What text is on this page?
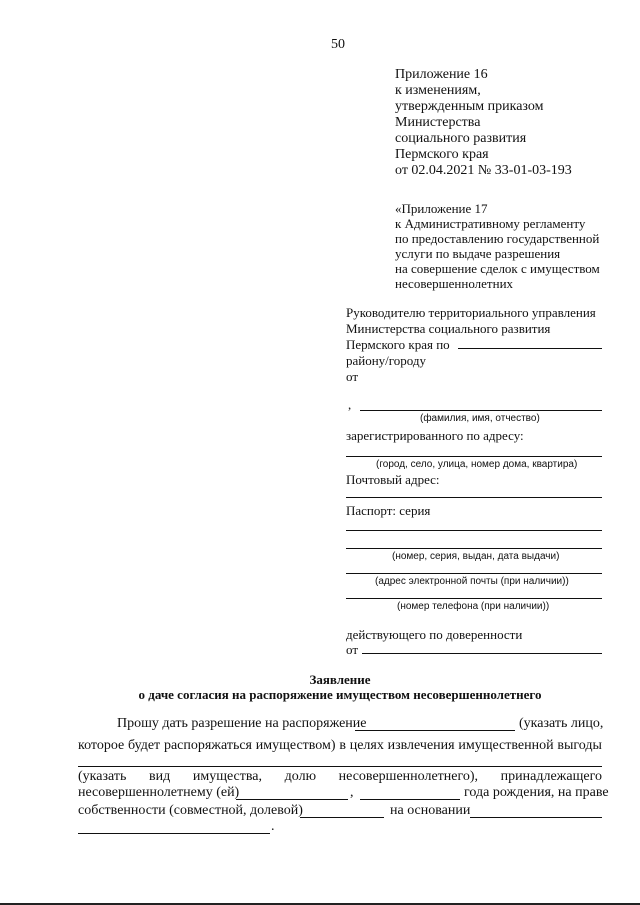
50
Приложение 16
к изменениям,
утвержденным приказом
Министерства
социального развития
Пермского края
от 02.04.2021 № 33-01-03-193
«Приложение 17
к Административному регламенту
по предоставлению государственной
услуги по выдаче разрешения
на совершение сделок с имуществом
несовершеннолетних
Руководителю территориального управления
Министерства социального развития
Пермского края по
району/городу
от
,
(фамилия, имя, отчество)
зарегистрированного по адресу:
(город, село, улица, номер дома, квартира)
Почтовый адрес:
Паспорт: серия
(номер, серия, выдан, дата выдачи)
(адрес электронной почты (при наличии))
(номер телефона (при наличии))
действующего по доверенности
от
Заявление
о даче согласия на распоряжение имуществом несовершеннолетнего
Прошу дать разрешение на распоряжение	(указать лицо,
которое будет распоряжаться имуществом) в целях извлечения имущественной выгоды
(указать вид имущества, долю несовершеннолетнего), принадлежащего
несовершеннолетнему (ей)	,	года рождения, на праве
собственности (совместной, долевой)	на основании
.
